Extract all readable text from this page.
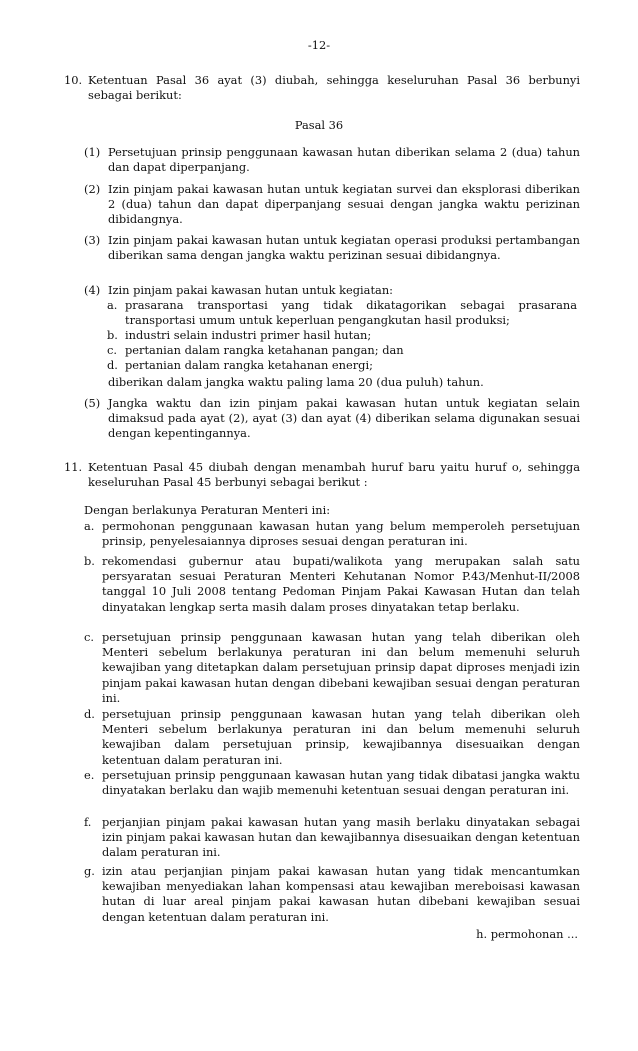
-12-
10. Ketentuan Pasal 36 ayat (3) diubah, sehingga keseluruhan Pasal 36 berbunyi sebagai berikut:
Pasal 36
(1) Persetujuan prinsip penggunaan kawasan hutan diberikan selama 2 (dua) tahun dan dapat diperpanjang.
(2) Izin pinjam pakai kawasan hutan untuk kegiatan survei dan eksplorasi diberikan 2 (dua) tahun dan dapat diperpanjang sesuai dengan jangka waktu perizinan dibidangnya.
(3) Izin pinjam pakai kawasan hutan untuk kegiatan operasi produksi pertambangan diberikan sama dengan jangka waktu perizinan sesuai dibidangnya.
(4) Izin pinjam pakai kawasan hutan untuk kegiatan:
a. prasarana transportasi yang tidak dikatagorikan sebagai prasarana transportasi umum untuk keperluan pengangkutan hasil produksi;
b. industri selain industri primer hasil hutan;
c. pertanian dalam rangka ketahanan pangan; dan
d. pertanian dalam rangka ketahanan energi;
diberikan dalam jangka waktu paling lama 20 (dua puluh) tahun.
(5) Jangka waktu dan izin pinjam pakai kawasan hutan untuk kegiatan selain dimaksud pada ayat (2), ayat (3) dan ayat (4) diberikan selama digunakan sesuai dengan kepentingannya.
11. Ketentuan Pasal 45 diubah dengan menambah huruf baru yaitu huruf o, sehingga keseluruhan Pasal 45 berbunyi sebagai berikut :
Dengan berlakunya Peraturan Menteri ini:
a. permohonan penggunaan kawasan hutan yang belum memperoleh persetujuan prinsip, penyelesaiannya diproses sesuai dengan peraturan ini.
b. rekomendasi gubernur atau bupati/walikota yang merupakan salah satu persyaratan sesuai Peraturan Menteri Kehutanan Nomor P.43/Menhut-II/2008 tanggal 10 Juli 2008 tentang Pedoman Pinjam Pakai Kawasan Hutan dan telah dinyatakan lengkap serta masih dalam proses dinyatakan tetap berlaku.
c. persetujuan prinsip penggunaan kawasan hutan yang telah diberikan oleh Menteri sebelum berlakunya peraturan ini dan belum memenuhi seluruh kewajiban yang ditetapkan dalam persetujuan prinsip dapat diproses menjadi izin pinjam pakai kawasan hutan dengan dibebani kewajiban sesuai dengan peraturan ini.
d. persetujuan prinsip penggunaan kawasan hutan yang telah diberikan oleh Menteri sebelum berlakunya peraturan ini dan belum memenuhi seluruh kewajiban dalam persetujuan prinsip, kewajibannya disesuaikan dengan ketentuan dalam peraturan ini.
e. persetujuan prinsip penggunaan kawasan hutan yang tidak dibatasi jangka waktu dinyatakan berlaku dan wajib memenuhi ketentuan sesuai dengan peraturan ini.
f. perjanjian pinjam pakai kawasan hutan yang masih berlaku dinyatakan sebagai izin pinjam pakai kawasan hutan dan kewajibannya disesuaikan dengan ketentuan dalam peraturan ini.
g. izin atau perjanjian pinjam pakai kawasan hutan yang tidak mencantumkan kewajiban menyediakan lahan kompensasi atau kewajiban mereboisasi kawasan hutan di luar areal pinjam pakai kawasan hutan dibebani kewajiban sesuai dengan ketentuan dalam peraturan ini.
h. permohonan ...
